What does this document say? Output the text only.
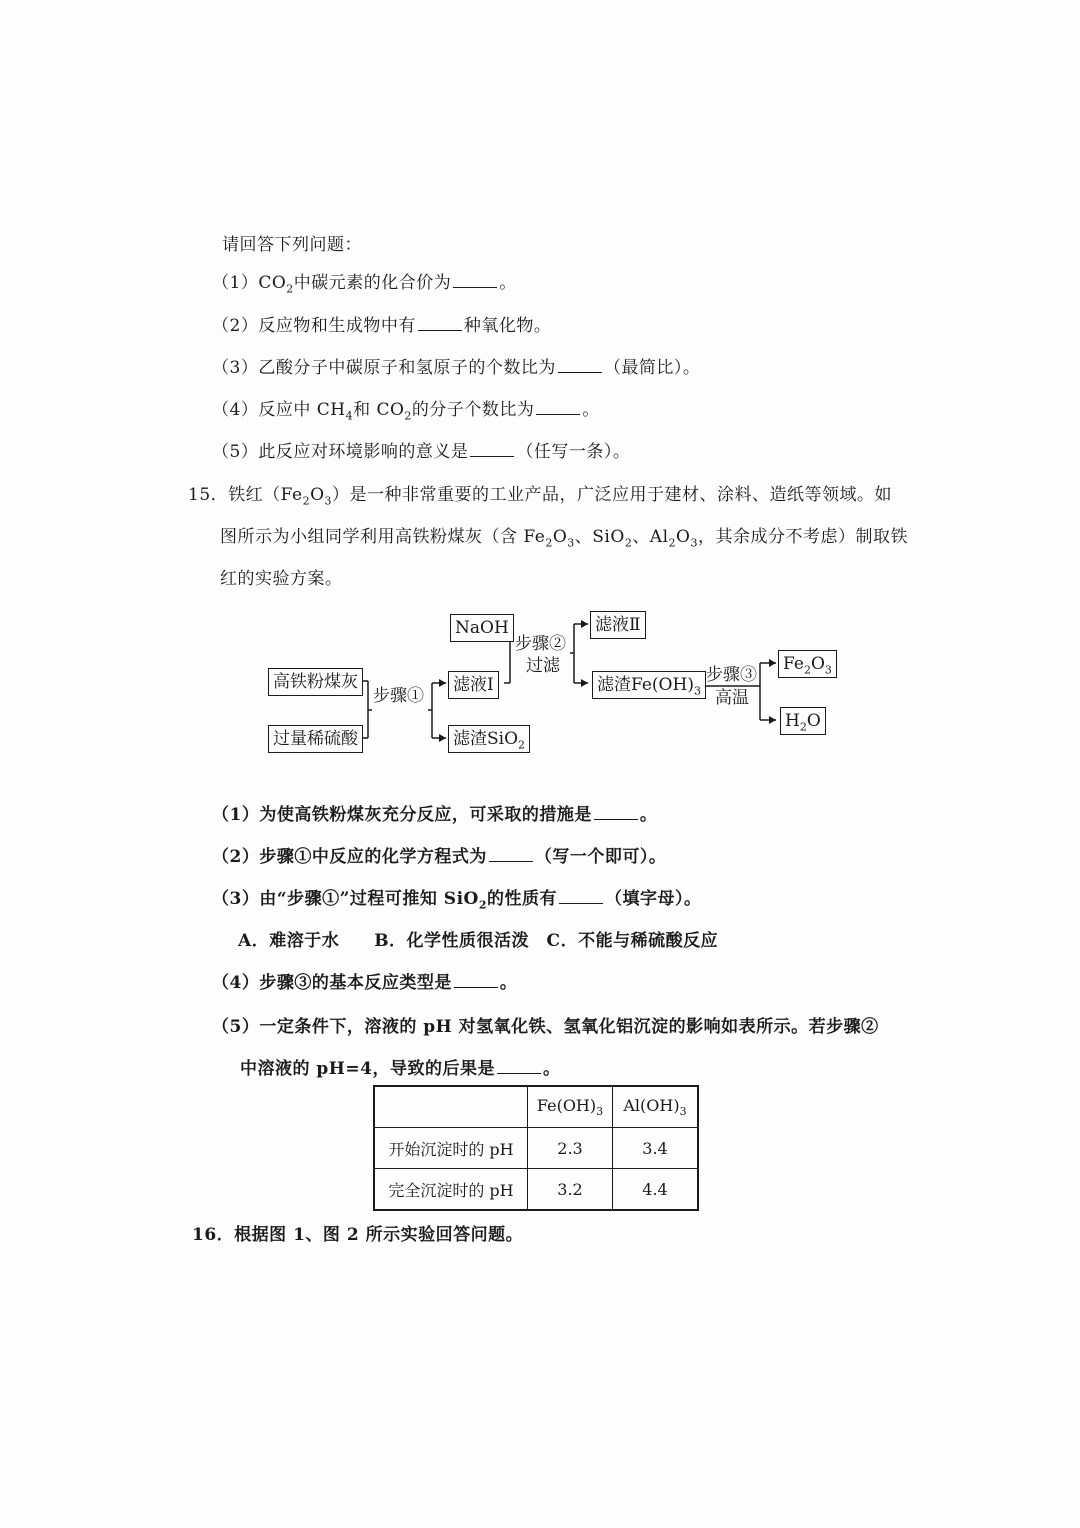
请回答下列问题：
$(1)CO_2$中碳元素的化合价为	。
（2）反应物和生成物中有	种氧化物。
（3）乙酸分子中碳原子和氢原子的个数比为	（最简比）。
（4）反应中 $CH_4$和 $CO_2$的分子个数比为	。
（5）此反应对环境影响的意义是	（任写一条）。
15．铁红$(Fe_2O_3)$是一种非常重要的工业产品，广泛应用于建材、涂料、造纸等领域。如
图所示为小组同学利用高铁粉煤灰（含 $Fe_2O_3$、SiO$_2$、$Al_2O_3$，其余成分不考虑）制取铁
红的实验方案。
NaOH	滤液Ⅱ
步骤②
过滤
高铁粉煤灰
过量稀硫酸
步骤①
滤液Ⅰ
滤渣SiO$_2$
滤渣$Fe(OH)_3$
步骤③
高温
$Fe_2O_3$
$H_2O$
（1）为使高铁粉煤灰充分反应，可采取的措施是	。
（2）步骤①中反应的化学方程式为	（写一个即可）。
（3）由“步骤①”过程可推知 SiO$_2$的性质有	（填字母）。
A．难溶于水　　B．化学性质很活泼　C．不能与稀硫酸反应
（4）步骤③的基本反应类型是	。
（5）一定条件下，溶液的 pH 对氢氧化铁、氢氧化铝沉淀的影响如表所示。若步骤②
中溶液的 pH=4，导致的后果是	。
	$Fe(OH)_3$	$Al(OH)_3$
开始沉淀时的 pH	2.3	3.4
完全沉淀时的 pH	3.2	4.4
16．根据图 1、图 2 所示实验回答问题。
